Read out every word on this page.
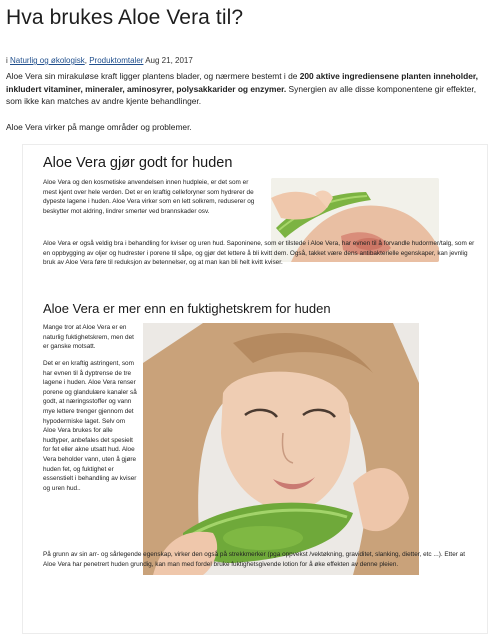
Hva brukes Aloe Vera til?
i Naturlig og økologisk, Produktomtaler Aug 21, 2017

Aloe Vera sin mirakuløse kraft ligger plantens blader, og nærmere bestemt i de 200 aktive ingrediensene planten inneholder, inkludert vitaminer, mineraler, aminosyrer, polysakkarider og enzymer. Synergien av alle disse komponentene gir effekter, som ikke kan matches av andre kjente behandlinger.

Aloe Vera virker på mange områder og problemer.

Aloe Vera gjør godt for huden

Aloe Vera og den kosmetiske anvendelsen innen hudpleie, er det som er mest kjent over hele verden. Det er en kraftig celleforyner som hydrerer de dypeste lagene i huden. Aloe Vera virker som en lett solkrem, reduserer og beskytter mot aldring, lindrer smerter ved brannskader osv.

Aloe Vera er også veldig bra i behandling for kviser og uren hud. Saponinene, som er tilstede i Aloe Vera, har evnen til å forvandle hudormer/talg, som er en oppbygging av oljer og hudrester i porene til såpe, og gjør det lettere å bli kvitt dem. Også, takket være dens antibakterielle egenskaper, kan jevnlig bruk av Aloe Vera føre til reduksjon av betennelser, og at man kan bli helt kvitt kviser.

Aloe Vera er mer enn en fuktighetskrem for huden

Mange tror at Aloe Vera er en naturlig fuktighetskrem, men det er ganske motsatt.

Det er en kraftig astringent, som har evnen til å dyptrense de tre lagene i huden. Aloe Vera renser porene og glandulære kanaler så godt, at næringsstoffer og vann mye lettere trenger gjennom det hypodermiske laget. Selv om Aloe Vera brukes for alle hudtyper, anbefales det spesielt for fet eller akne utsatt hud. Aloe Vera beholder vann, uten å gjøre huden fet, og fuktighet er essenstielt i behandling av kviser og uren hud..

På grunn av sin arr- og sårlegende egenskap, virker den også på strekkmerker (pga oppvekst /vektøkning, graviditet, slanking, dietter, etc ...). Etter at Aloe Vera har penetrert huden grundig, kan man med fordel bruke fuktighetsgivende lotion for å øke effekten av denne pleien.
